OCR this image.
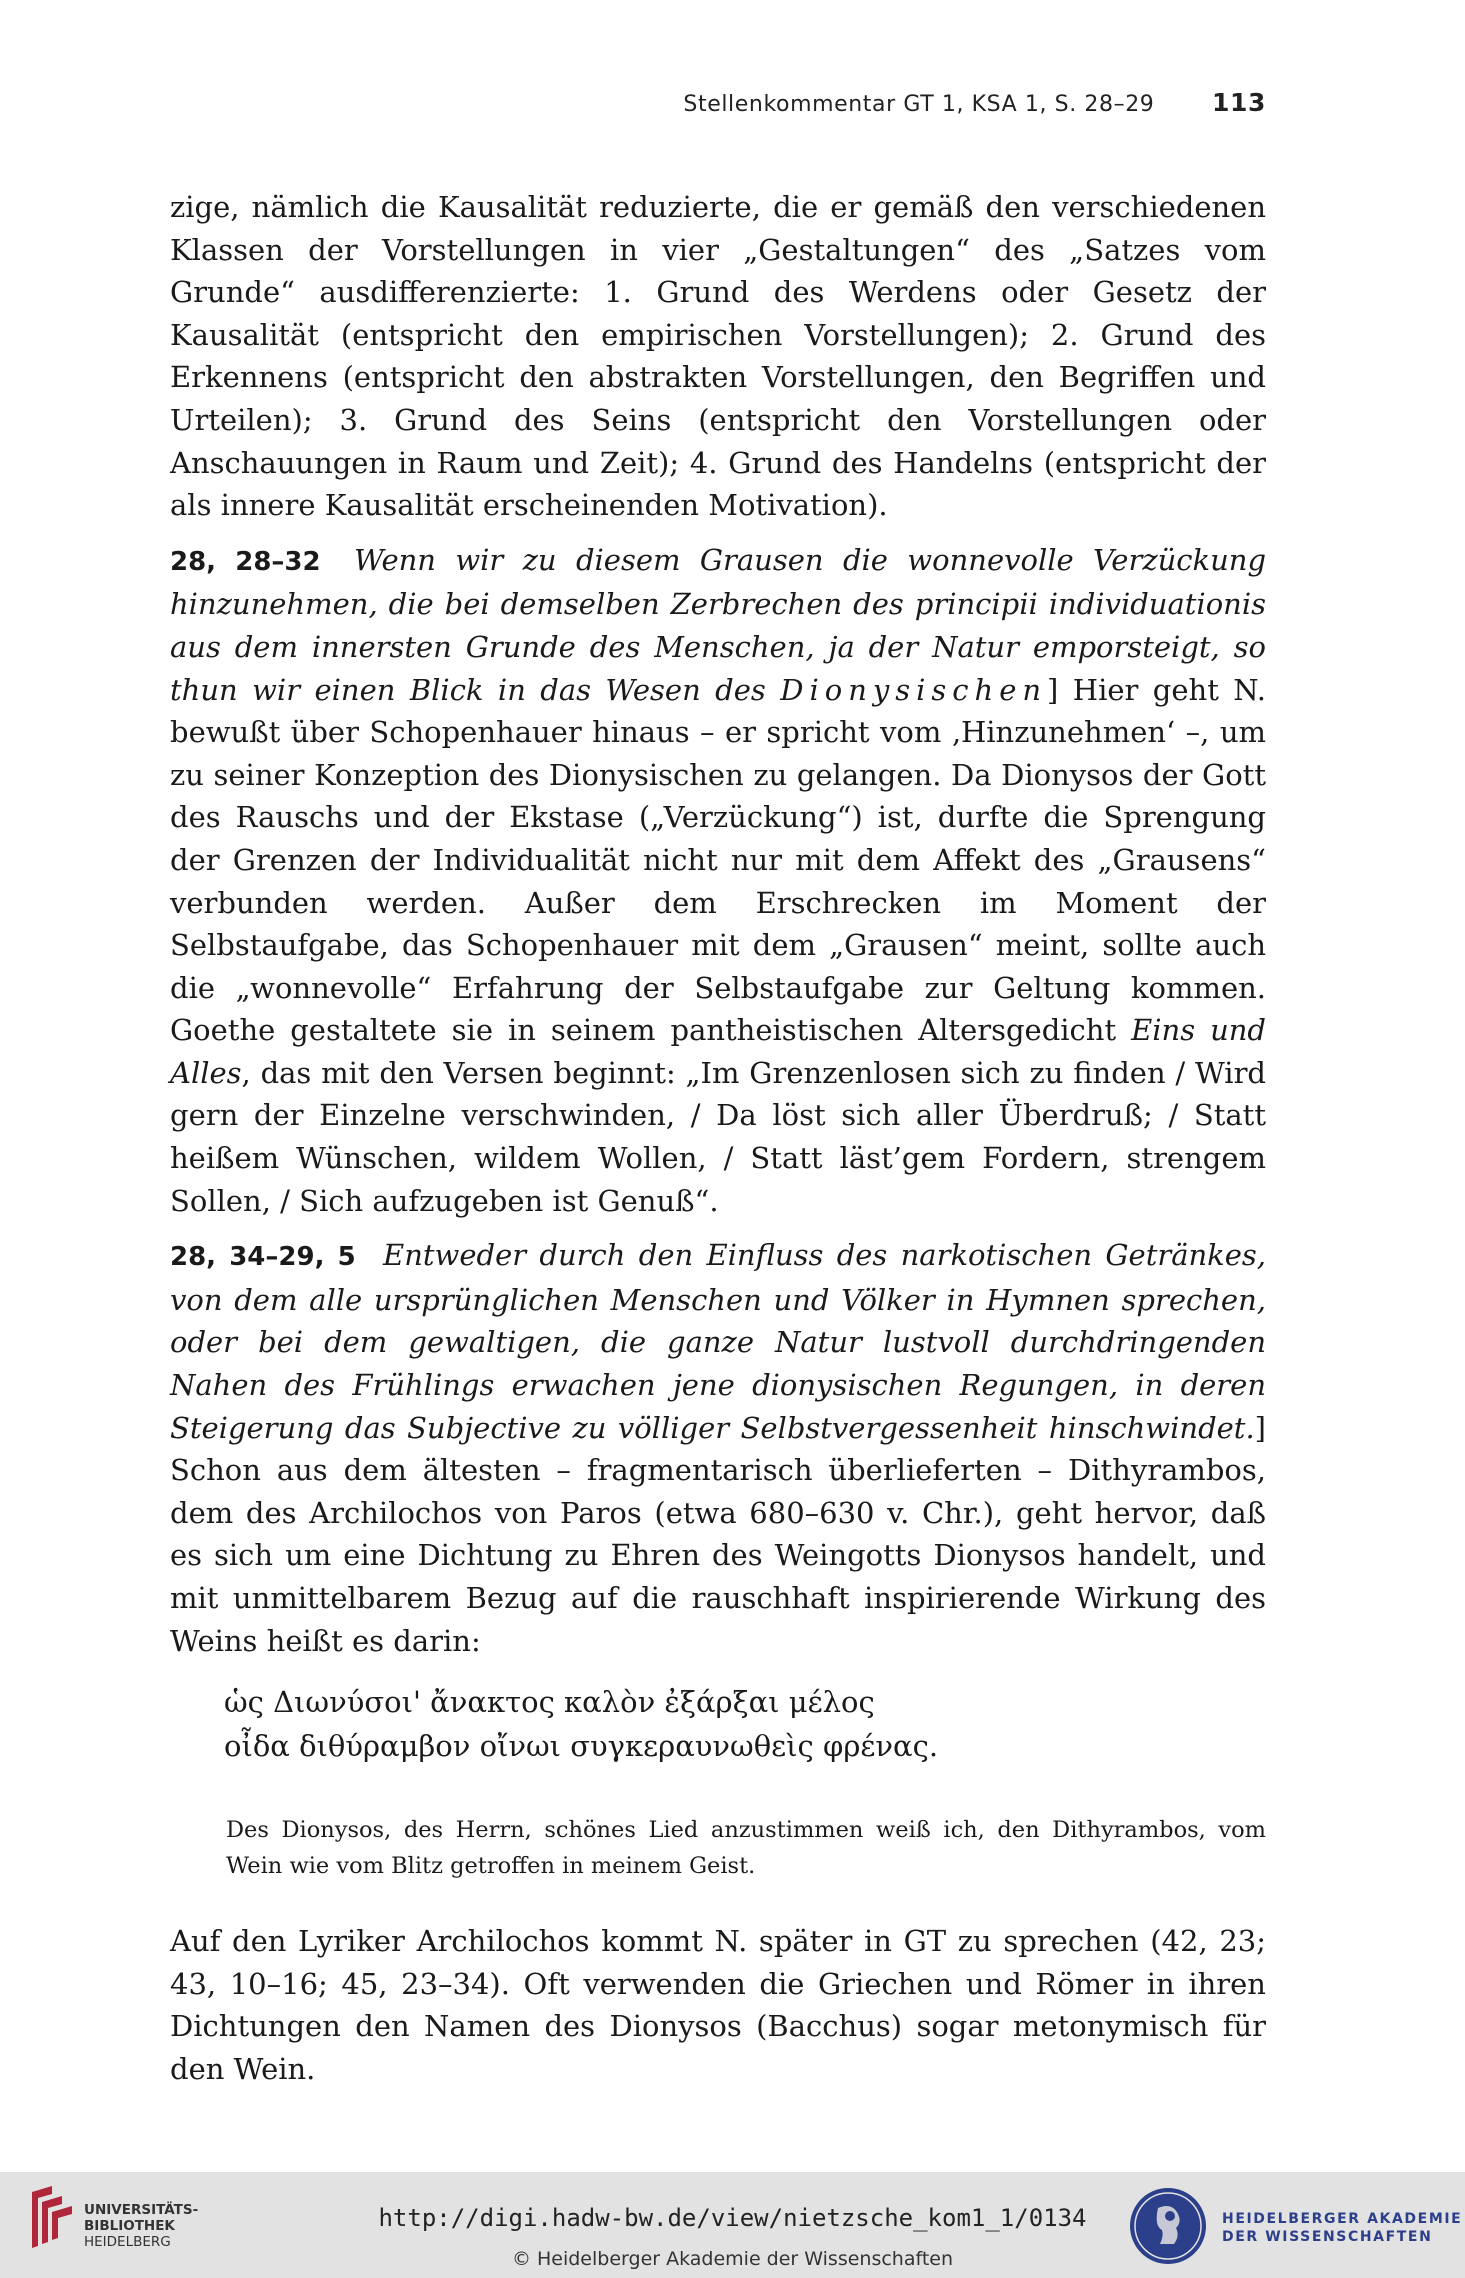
Stellenkommentar GT 1, KSA 1, S. 28–29 113

zige, nämlich die Kausalität reduzierte, die er gemäß den verschiedenen Klassen der Vorstellungen in vier „Gestaltungen“ des „Satzes vom Grunde“ ausdifferenzierte: 1. Grund des Werdens oder Gesetz der Kausalität (entspricht den empirischen Vorstellungen); 2. Grund des Erkennens (entspricht den abstrakten Vorstellungen, den Begriffen und Urteilen); 3. Grund des Seins (entspricht den Vorstellungen oder Anschauungen in Raum und Zeit); 4. Grund des Handelns (entspricht der als innere Kausalität erscheinenden Motivation).

28, 28–32 Wenn wir zu diesem Grausen die wonnevolle Verzückung hinzunehmen, die bei demselben Zerbrechen des principii individuationis aus dem innersten Grunde des Menschen, ja der Natur emporsteigt, so thun wir einen Blick in das Wesen des Dionysischen] Hier geht N. bewußt über Schopenhauer hinaus – er spricht vom ‚Hinzunehmen‘ –, um zu seiner Konzeption des Dionysischen zu gelangen. Da Dionysos der Gott des Rauschs und der Ekstase („Verzückung“) ist, durfte die Sprengung der Grenzen der Individualität nicht nur mit dem Affekt des „Grausens“ verbunden werden. Außer dem Erschrecken im Moment der Selbstaufgabe, das Schopenhauer mit dem „Grausen“ meint, sollte auch die „wonnevolle“ Erfahrung der Selbstaufgabe zur Geltung kommen. Goethe gestaltete sie in seinem pantheistischen Altersgedicht Eins und Alles, das mit den Versen beginnt: „Im Grenzenlosen sich zu finden / Wird gern der Einzelne verschwinden, / Da löst sich aller Überdruß; / Statt heißem Wünschen, wildem Wollen, / Statt läst’gem Fordern, strengem Sollen, / Sich aufzugeben ist Genuß“.

28, 34–29, 5 Entweder durch den Einfluss des narkotischen Getränkes, von dem alle ursprünglichen Menschen und Völker in Hymnen sprechen, oder bei dem gewaltigen, die ganze Natur lustvoll durchdringenden Nahen des Frühlings erwachen jene dionysischen Regungen, in deren Steigerung das Subjective zu völliger Selbstvergessenheit hinschwindet.] Schon aus dem ältesten – fragmentarisch überlieferten – Dithyrambos, dem des Archilochos von Paros (etwa 680–630 v. Chr.), geht hervor, daß es sich um eine Dichtung zu Ehren des Weingotts Dionysos handelt, und mit unmittelbarem Bezug auf die rauschhaft inspirierende Wirkung des Weins heißt es darin:

ὡς Διωνύσοι' ἄνακτος καλὸν ἐξάρξαι μέλος
οἶδα διθύραμβον οἴνωι συγκεραυνωθεὶς φρένας.
Des Dionysos, des Herrn, schönes Lied anzustimmen weiß ich, den Dithyrambos, vom Wein wie vom Blitz getroffen in meinem Geist.

Auf den Lyriker Archilochos kommt N. später in GT zu sprechen (42, 23; 43, 10–16; 45, 23–34). Oft verwenden die Griechen und Römer in ihren Dichtungen den Namen des Dionysos (Bacchus) sogar metonymisch für den Wein.

UNIVERSITÄTS-
BIBLIOTHEK
HEIDELBERG
http://digi.hadw-bw.de/view/nietzsche_kom1_1/0134
© Heidelberger Akademie der Wissenschaften
HEIDELBERGER AKADEMIE
DER WISSENSCHAFTEN
